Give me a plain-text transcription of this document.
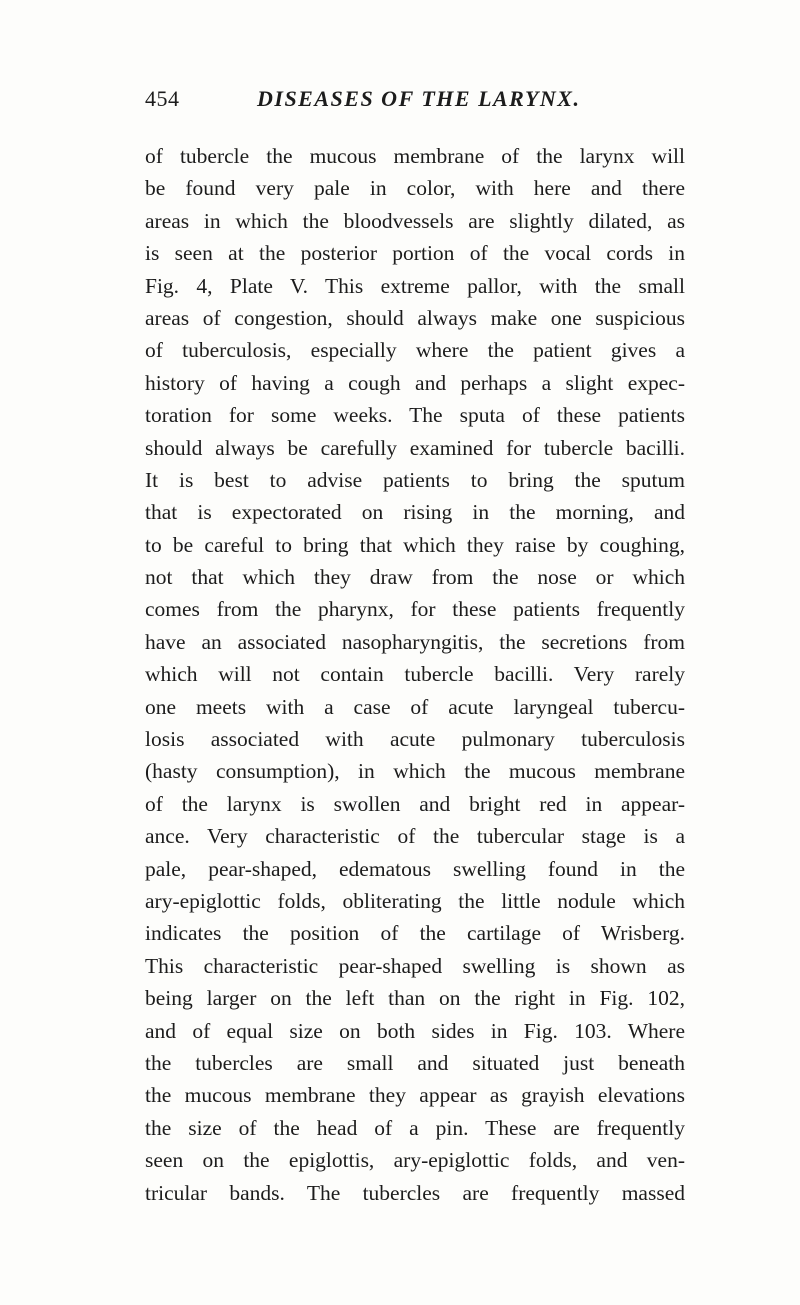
454	DISEASES OF THE LARYNX.
of tubercle the mucous membrane of the larynx will
be found very pale in color, with here and there
areas in which the bloodvessels are slightly dilated, as
is seen at the posterior portion of the vocal cords in
Fig. 4, Plate V. This extreme pallor, with the small
areas of congestion, should always make one suspicious
of tuberculosis, especially where the patient gives a
history of having a cough and perhaps a slight expec-
toration for some weeks. The sputa of these patients
should always be carefully examined for tubercle bacilli.
It is best to advise patients to bring the sputum
that is expectorated on rising in the morning, and
to be careful to bring that which they raise by coughing,
not that which they draw from the nose or which
comes from the pharynx, for these patients frequently
have an associated nasopharyngitis, the secretions from
which will not contain tubercle bacilli. Very rarely
one meets with a case of acute laryngeal tubercu-
losis associated with acute pulmonary tuberculosis
(hasty consumption), in which the mucous membrane
of the larynx is swollen and bright red in appear-
ance. Very characteristic of the tubercular stage is a
pale, pear-shaped, edematous swelling found in the
ary-epiglottic folds, obliterating the little nodule which
indicates the position of the cartilage of Wrisberg.
This characteristic pear-shaped swelling is shown as
being larger on the left than on the right in Fig. 102,
and of equal size on both sides in Fig. 103. Where
the tubercles are small and situated just beneath
the mucous membrane they appear as grayish elevations
the size of the head of a pin. These are frequently
seen on the epiglottis, ary-epiglottic folds, and ven-
tricular bands. The tubercles are frequently massed
